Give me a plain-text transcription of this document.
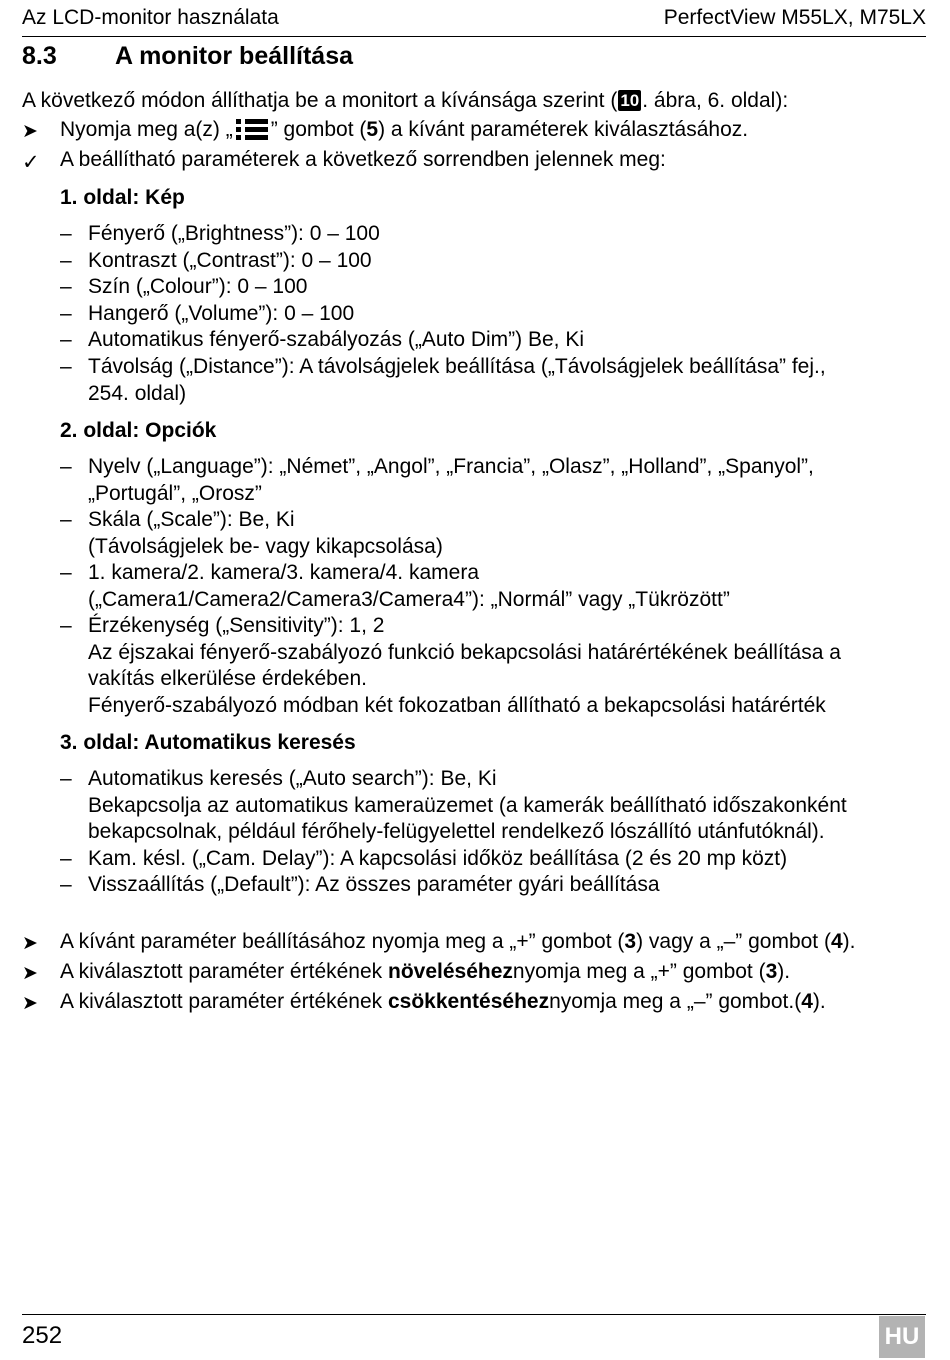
Az LCD-monitor használata	PerfectView M55LX, M75LX
8.3 A monitor beállítása
A következő módon állíthatja be a monitort a kívánsága szerint ( 10 . ábra, 6. oldal):
➤ Nyomja meg a(z) „ ” gombot (5) a kívánt paraméterek kiválasztásához.
✓ A beállítható paraméterek a következő sorrendben jelennek meg:
1. oldal: Kép
– Fényerő („Brightness”): 0 – 100
– Kontraszt („Contrast”): 0 – 100
– Szín („Colour”): 0 – 100
– Hangerő („Volume”): 0 – 100
– Automatikus fényerő-szabályozás („Auto Dim”) Be, Ki
– Távolság („Distance”): A távolságjelek beállítása („Távolságjelek beállítása” fej.,
254. oldal)
2. oldal: Opciók
– Nyelv („Language”): „Német”, „Angol”, „Francia”, „Olasz”, „Holland”, „Spanyol”,
„Portugál”, „Orosz”
– Skála („Scale”): Be, Ki
(Távolságjelek be- vagy kikapcsolása)
– 1. kamera/2. kamera/3. kamera/4. kamera
(„Camera1/Camera2/Camera3/Camera4”): „Normál” vagy „Tükrözött”
– Érzékenység („Sensitivity”): 1, 2
Az éjszakai fényerő-szabályozó funkció bekapcsolási határértékének beállítása a
vakítás elkerülése érdekében.
Fényerő-szabályozó módban két fokozatban állítható a bekapcsolási határérték
3. oldal: Automatikus keresés
– Automatikus keresés („Auto search”): Be, Ki
Bekapcsolja az automatikus kameraüzemet (a kamerák beállítható időszakonként
bekapcsolnak, például férőhely-felügyelettel rendelkező lószállító utánfutóknál).
– Kam. késl. („Cam. Delay”): A kapcsolási időköz beállítása (2 és 20 mp közt)
– Visszaállítás („Default”): Az összes paraméter gyári beállítása
➤ A kívánt paraméter beállításához nyomja meg a „+” gombot (3) vagy a „–” gombot (4).
➤ A kiválasztott paraméter értékének növeléséheznyomja meg a „+” gombot (3).
➤ A kiválasztott paraméter értékének csökkentéséheznyomja meg a „–” gombot.(4).
252	HU
